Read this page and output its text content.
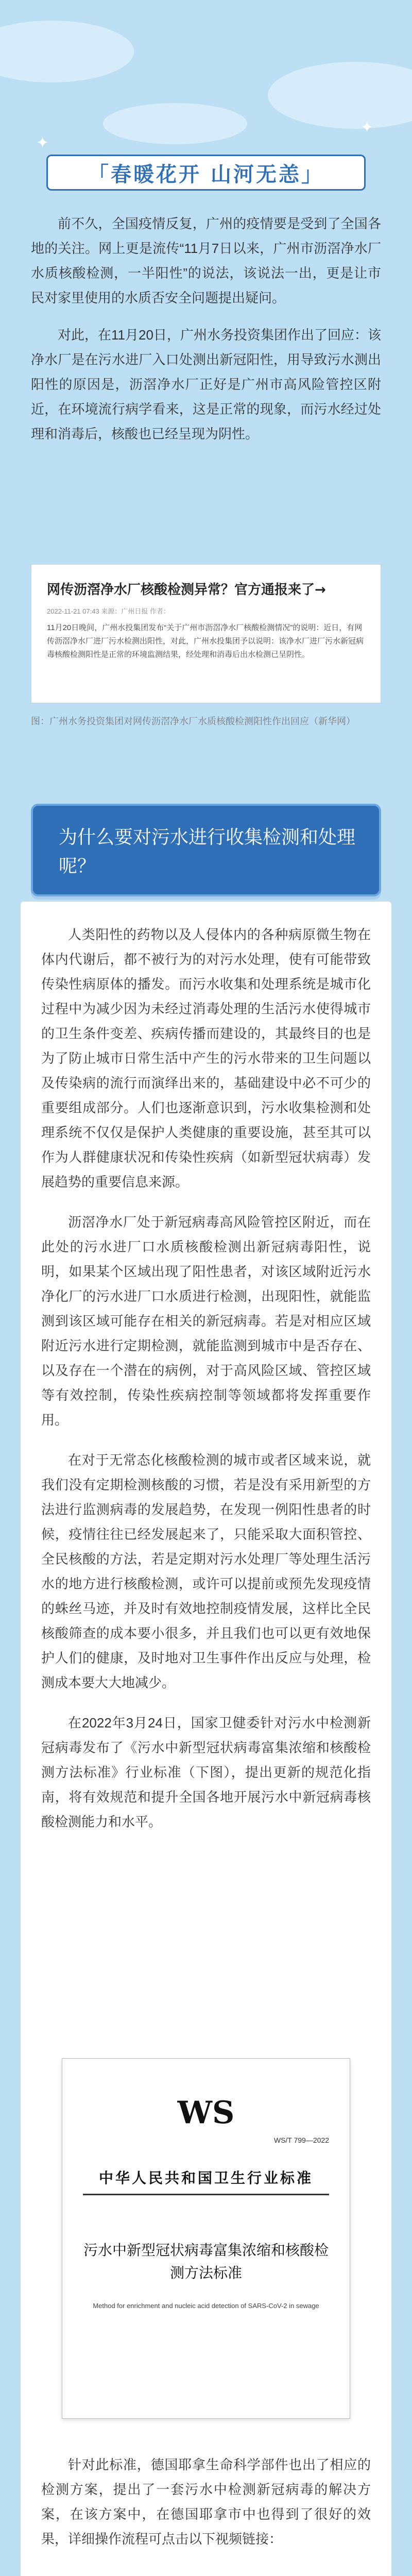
✦
✦
「春暖花开 山河无恙」

前不久，全国疫情反复，广州的疫情要是受到了全国各地的关注。网上更是流传“11月7日以来，广州市沥滘净水厂水质核酸检测，一半阳性”的说法，该说法一出，更是让市民对家里使用的水质否安全问题提出疑问。

对此，在11月20日，广州水务投资集团作出了回应：该净水厂是在污水进厂入口处测出新冠阳性，用导致污水测出阳性的原因是，沥滘净水厂正好是广州市高风险管控区附近，在环境流行病学看来，这是正常的现象，而污水经过处理和消毒后，核酸也已经呈现为阴性。

网传沥滘净水厂核酸检测异常？官方通报来了→
2022-11-21 07:43 来源：广州日报 作者：
11月20日晚间，广州水投集团发布“关于广州市沥滘净水厂核酸检测情况”的说明：近日，有网传沥滘净水厂进厂污水检测出阳性，对此，广州水投集团予以说明：该净水厂进厂污水新冠病毒核酸检测阳性是正常的环境监测结果，经处理和消毒后出水检测已呈阴性。
图：广州水务投资集团对网传沥滘净水厂水质核酸检测阳性作出回应（新华网）
为什么要对污水进行收集检测和处理呢？

人类阳性的药物以及人侵体内的各种病原微生物在体内代谢后，都不被行为的对污水处理，使有可能带致传染性病原体的播发。而污水收集和处理系统是城市化过程中为减少因为未经过消毒处理的生活污水使得城市的卫生条件变差、疾病传播而建设的，其最终目的也是为了防止城市日常生活中产生的污水带来的卫生问题以及传染病的流行而演绎出来的，基础建设中必不可少的重要组成部分。人们也逐渐意识到，污水收集检测和处理系统不仅仅是保护人类健康的重要设施，甚至其可以作为人群健康状况和传染性疾病（如新型冠状病毒）发展趋势的重要信息来源。

沥滘净水厂处于新冠病毒高风险管控区附近，而在此处的污水进厂口水质核酸检测出新冠病毒阳性，说明，如果某个区域出现了阳性患者，对该区域附近污水净化厂的污水进厂口水质进行检测，出现阳性，就能监测到该区域可能存在相关的新冠病毒。若是对相应区域附近污水进行定期检测，就能监测到城市中是否存在、以及存在一个潜在的病例，对于高风险区域、管控区域等有效控制，传染性疾病控制等领域都将发挥重要作用。

在对于无常态化核酸检测的城市或者区域来说，就我们没有定期检测核酸的习惯，若是没有采用新型的方法进行监测病毒的发展趋势，在发现一例阳性患者的时候，疫情往往已经发展起来了，只能采取大面积管控、全民核酸的方法，若是定期对污水处理厂等处理生活污水的地方进行核酸检测，或许可以提前或预先发现疫情的蛛丝马迹，并及时有效地控制疫情发展，这样比全民核酸筛查的成本要小很多，并且我们也可以更有效地保护人们的健康，及时地对卫生事件作出反应与处理，检测成本要大大地减少。

在2022年3月24日，国家卫健委针对污水中检测新冠病毒发布了《污水中新型冠状病毒富集浓缩和核酸检测方法标准》行业标准（下图），提出更新的规范化指南，将有效规范和提升全国各地开展污水中新冠病毒核酸检测能力和水平。

WS
WS/T 799—2022
中华人民共和国卫生行业标准
污水中新型冠状病毒富集浓缩和核酸检测方法标准
Method for enrichment and nucleic acid detection of SARS-CoV-2 in sewage

针对此标准，德国耶拿生命科学部件也出了相应的检测方案，提出了一套污水中检测新冠病毒的解决方案，在该方案中，在德国耶拿市中也得到了很好的效果，详细操作流程可点击以下视频链接：
